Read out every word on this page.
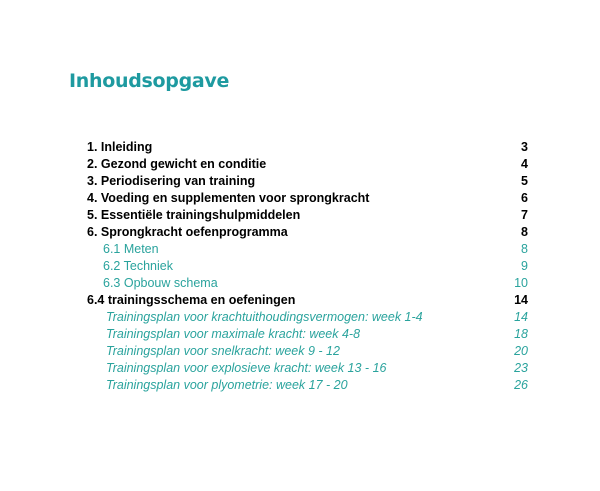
Inhoudsopgave
1. Inleiding	3
2. Gezond gewicht en conditie	4
3. Periodisering van training	5
4. Voeding en supplementen voor sprongkracht	6
5. Essentiële trainingshulpmiddelen	7
6. Sprongkracht oefenprogramma	8
6.1 Meten	8
6.2 Techniek	9
6.3 Opbouw schema	10
6.4 trainingsschema en oefeningen	14
Trainingsplan voor krachtuithoudingsvermogen: week 1-4	14
Trainingsplan voor maximale kracht: week 4-8	18
Trainingsplan voor snelkracht: week 9 - 12	20
Trainingsplan voor explosieve kracht: week 13 - 16	23
Trainingsplan voor plyometrie: week 17 - 20	26
